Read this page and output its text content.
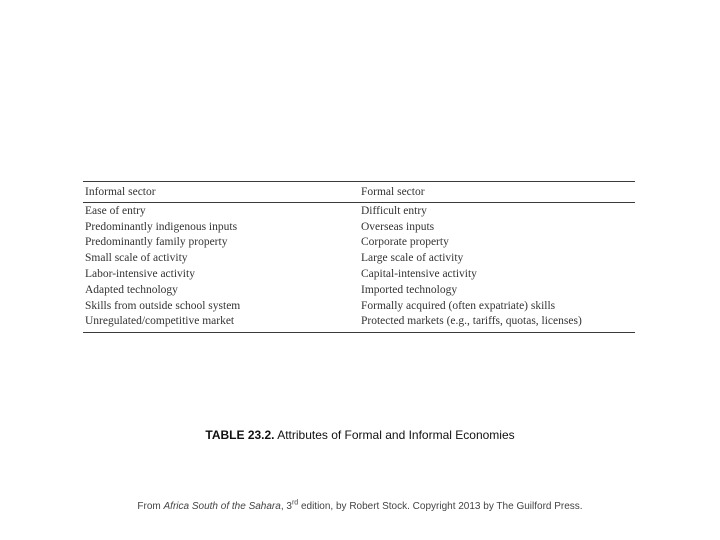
Informal sector	Formal sector
Ease of entry	Difficult entry
Predominantly indigenous inputs	Overseas inputs
Predominantly family property	Corporate property
Small scale of activity	Large scale of activity
Labor-intensive activity	Capital-intensive activity
Adapted technology	Imported technology
Skills from outside school system	Formally acquired (often expatriate) skills
Unregulated/competitive market	Protected markets (e.g., tariffs, quotas, licenses)
TABLE 23.2. Attributes of Formal and Informal Economies
From Africa South of the Sahara, 3rd edition, by Robert Stock. Copyright 2013 by The Guilford Press.
